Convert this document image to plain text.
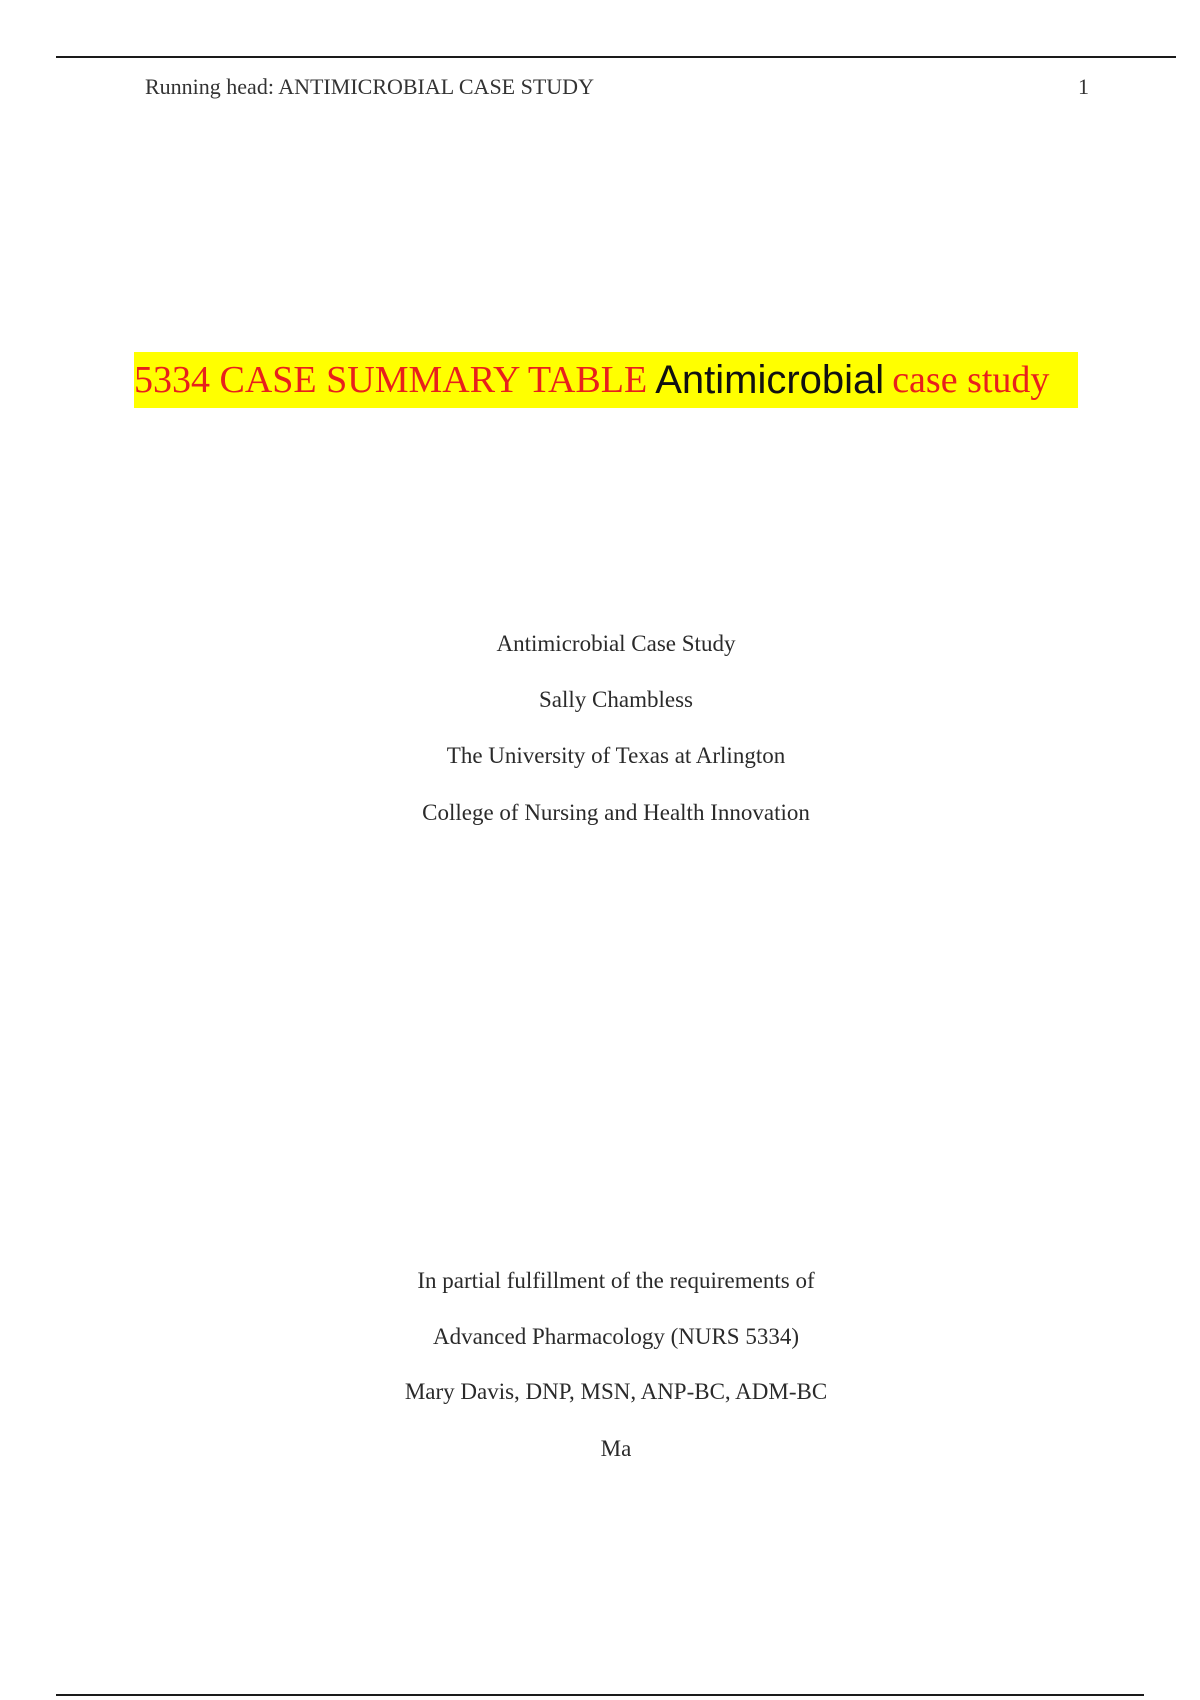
Running head: ANTIMICROBIAL CASE STUDY	1
5334 CASE SUMMARY TABLE Antimicrobial case study
Antimicrobial Case Study
Sally Chambless
The University of Texas at Arlington
College of Nursing and Health Innovation
In partial fulfillment of the requirements of
Advanced Pharmacology (NURS 5334)
Mary Davis, DNP, MSN, ANP-BC, ADM-BC
Ma
